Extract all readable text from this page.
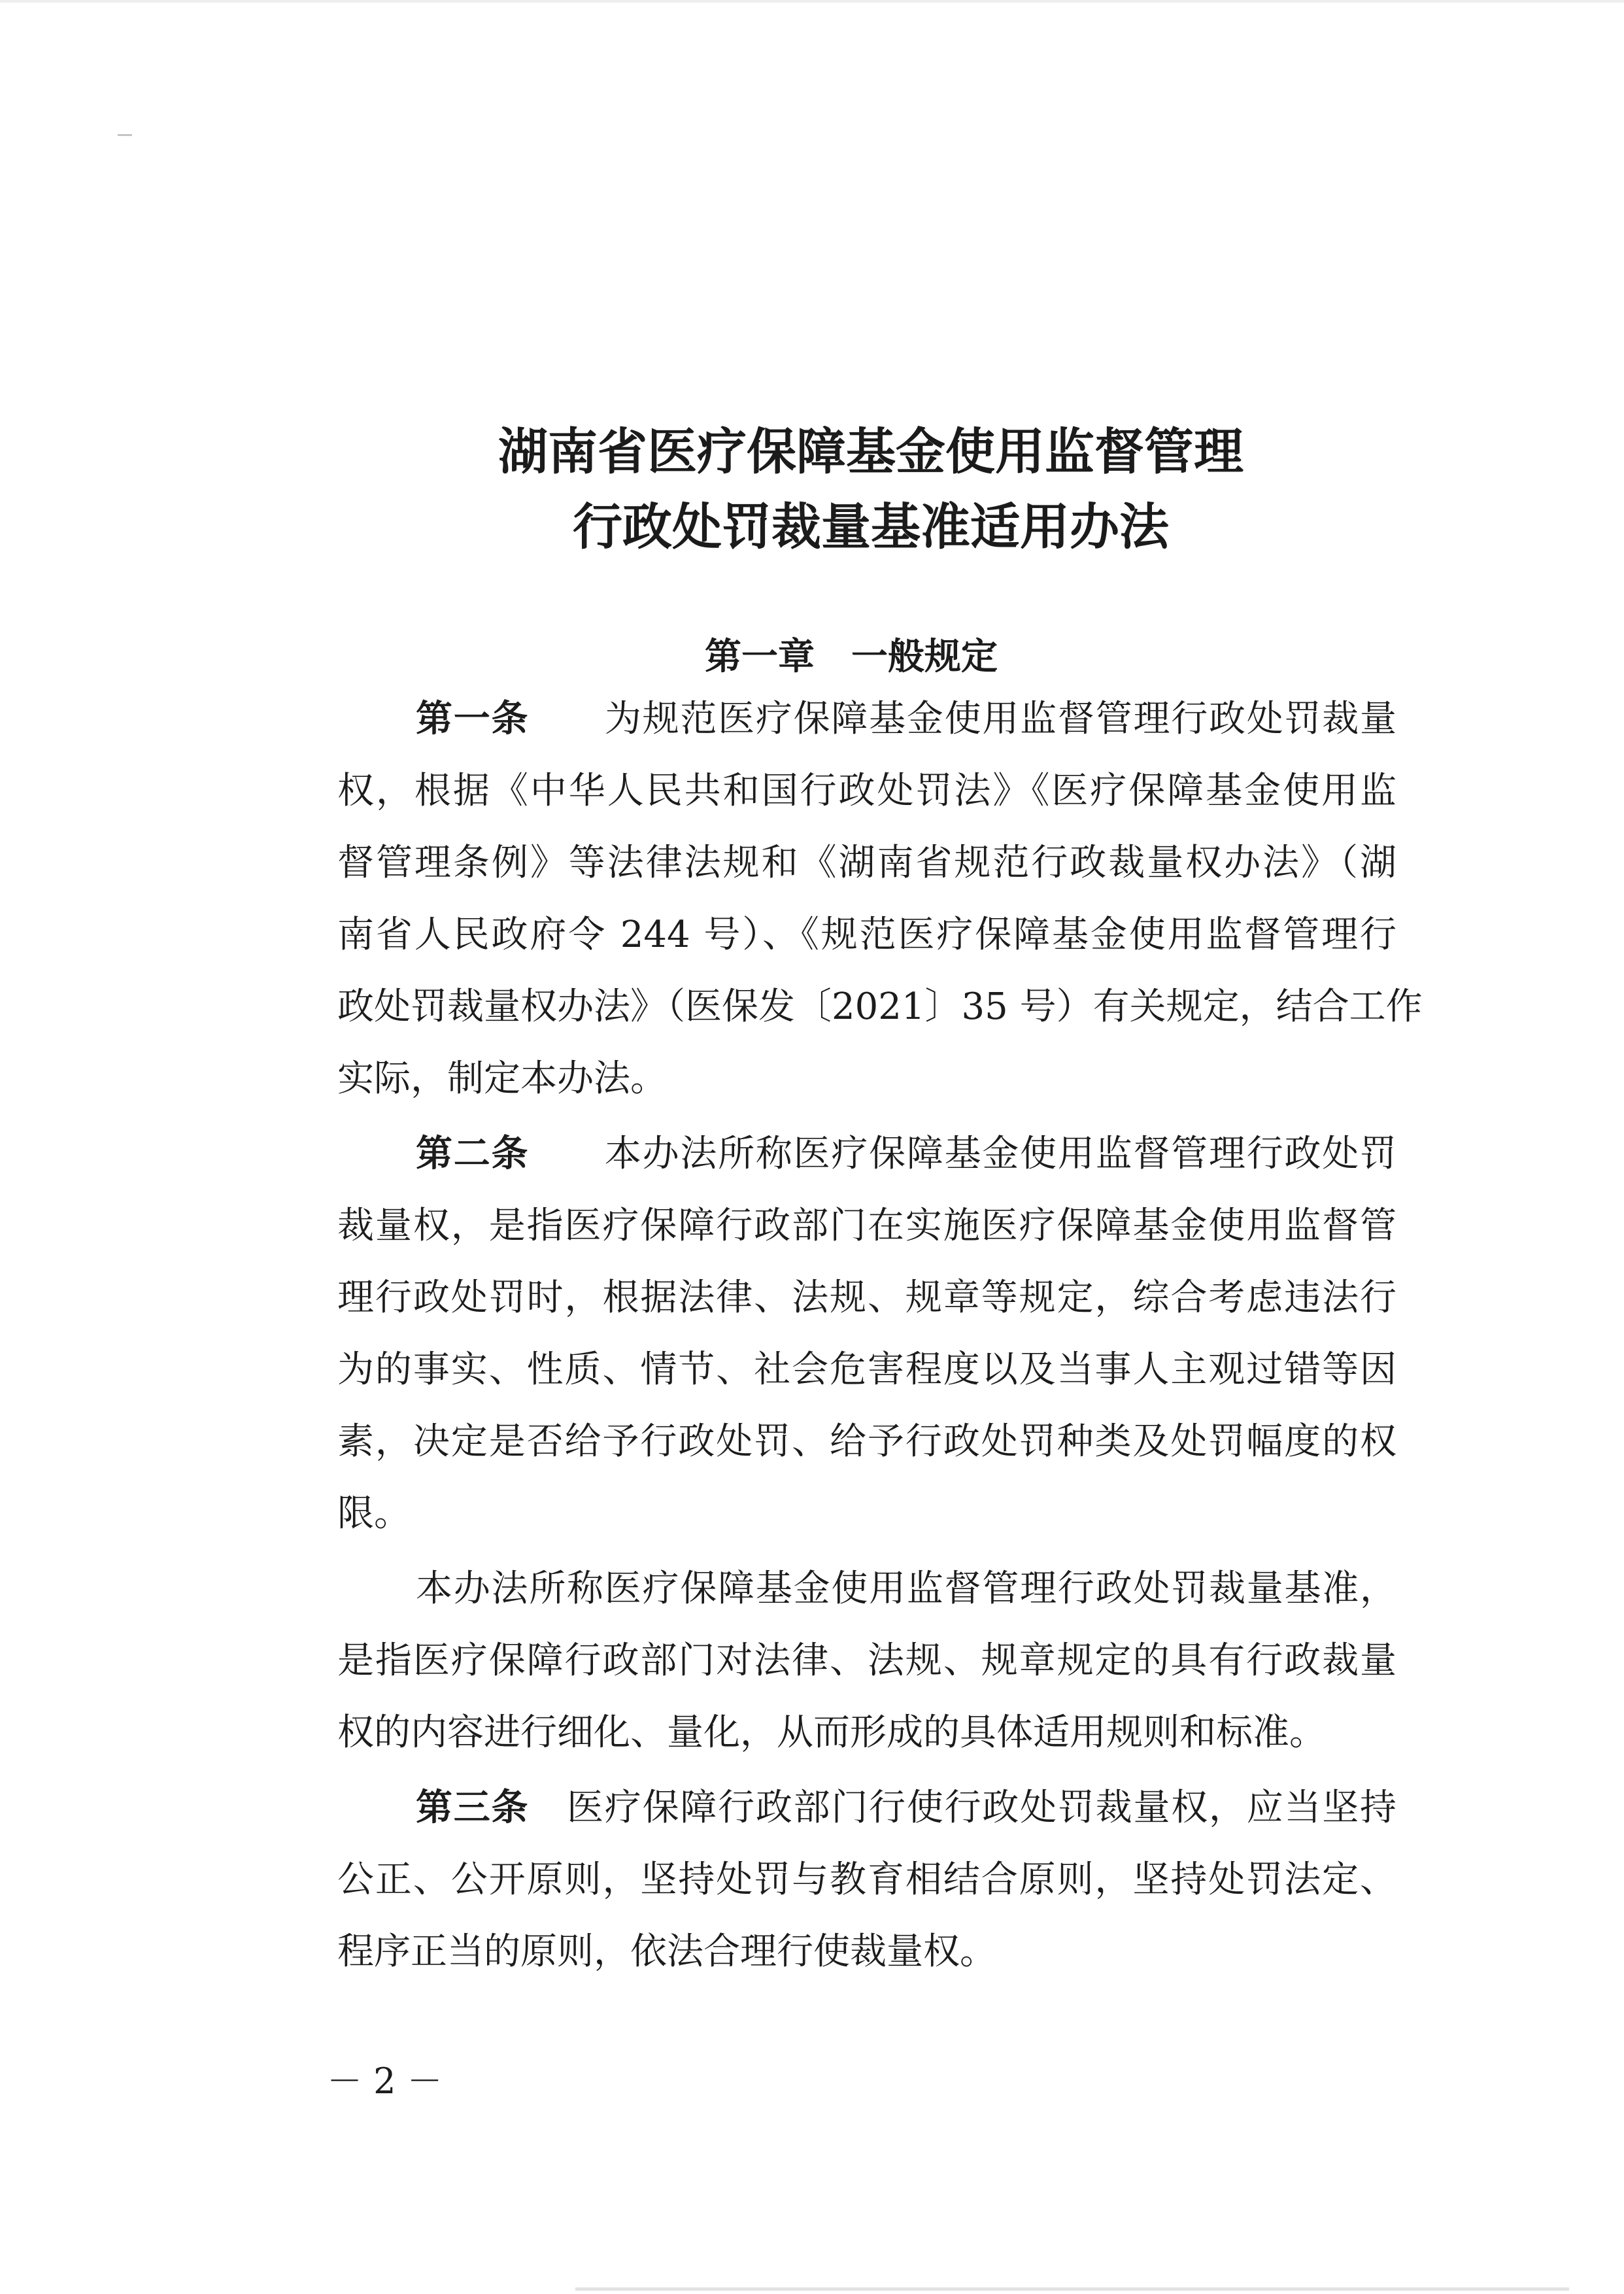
湖南省医疗保障基金使用监督管理
行政处罚裁量基准适用办法
第一章　一般规定
第一条　　 为规范医疗保障基金使用监督管理行政处罚裁量
权，根据《中华人民共和国行政处罚法》《医疗保障基金使用监
督管理条例》等法律法规和《湖南省规范行政裁量权办法》（湖
南省人民政府令 244 号）、《规范医疗保障基金使用监督管理行
政处罚裁量权办法》（医保发〔2021〕35 号）有关规定，结合工作
实际，制定本办法。
第二条　　 本办法所称医疗保障基金使用监督管理行政处罚
裁量权，是指医疗保障行政部门在实施医疗保障基金使用监督管
理行政处罚时，根据法律、法规、规章等规定，综合考虑违法行
为的事实、性质、情节、社会危害程度以及当事人主观过错等因
素，决定是否给予行政处罚、给予行政处罚种类及处罚幅度的权
限。
本办法所称医疗保障基金使用监督管理行政处罚裁量基准，
是指医疗保障行政部门对法律、法规、规章规定的具有行政裁量
权的内容进行细化、量化，从而形成的具体适用规则和标准。
第三条　 医疗保障行政部门行使行政处罚裁量权，应当坚持
公正、公开原则，坚持处罚与教育相结合原则，坚持处罚法定、
程序正当的原则，依法合理行使裁量权。
－ 2 －
